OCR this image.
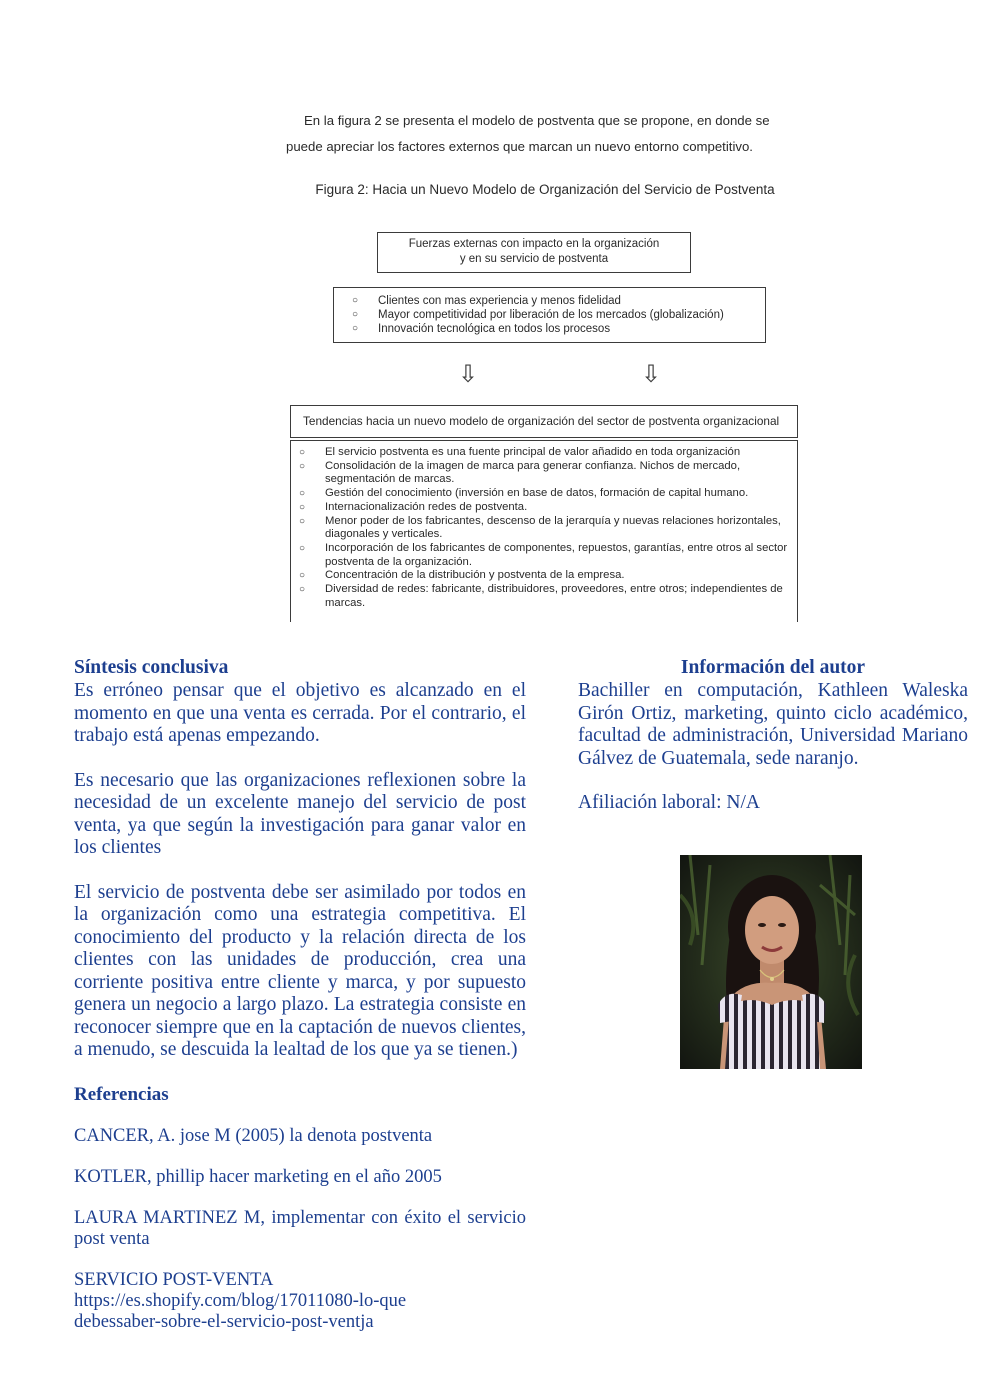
En la figura 2 se presenta el modelo de postventa que se propone, en donde se
puede apreciar los factores externos que marcan un nuevo entorno competitivo.
Figura 2: Hacia un Nuevo Modelo de Organización del Servicio de Postventa
Fuerzas externas con impacto en la organización
y en su servicio de postventa
○ Clientes con mas experiencia y menos fidelidad
○ Mayor competitividad por liberación de los mercados (globalización)
○ Innovación tecnológica en todos los procesos
⇩	⇩
Tendencias hacia un nuevo modelo de organización del sector de postventa organizacional
○ El servicio postventa es una fuente principal de valor añadido en toda organización
○ Consolidación de la imagen de marca para generar confianza. Nichos de mercado, segmentación de marcas.
○ Gestión del conocimiento (inversión en base de datos, formación de capital humano.
○ Internacionalización redes de postventa.
○ Menor poder de los fabricantes, descenso de la jerarquía y nuevas relaciones horizontales, diagonales y verticales.
○ Incorporación de los fabricantes de componentes, repuestos, garantías, entre otros al sector postventa de la organización.
○ Concentración de la distribución y postventa de la empresa.
○ Diversidad de redes: fabricante, distribuidores, proveedores, entre otros; independientes de marcas.
Síntesis conclusiva

Es erróneo pensar que el objetivo es alcanzado en el momento en que una venta es cerrada. Por el contrario, el trabajo está apenas empezando.

Es necesario que las organizaciones reflexionen sobre la necesidad de un excelente manejo del servicio de post venta, ya que según la investigación para ganar valor en los clientes

El servicio de postventa debe ser asimilado por todos en la organización como una estrategia competitiva. El conocimiento del producto y la relación directa de los clientes con las unidades de producción, crea una corriente positiva entre cliente y marca, y por supuesto genera un negocio a largo plazo. La estrategia consiste en reconocer siempre que en la captación de nuevos clientes, a menudo, se descuida la lealtad de los que ya se tienen.)

Referencias

CANCER, A. jose M (2005) la denota postventa

KOTLER, phillip hacer marketing en el año 2005

LAURA MARTINEZ M, implementar con éxito el servicio post venta

SERVICIO POST-VENTA
https://es.shopify.com/blog/17011080-lo-que
debessaber-sobre-el-servicio-post-ventja

Información del autor

Bachiller en computación, Kathleen Waleska Girón Ortiz, marketing, quinto ciclo académico, facultad de administración, Universidad Mariano Gálvez de Guatemala, sede naranjo.

Afiliación laboral: N/A
